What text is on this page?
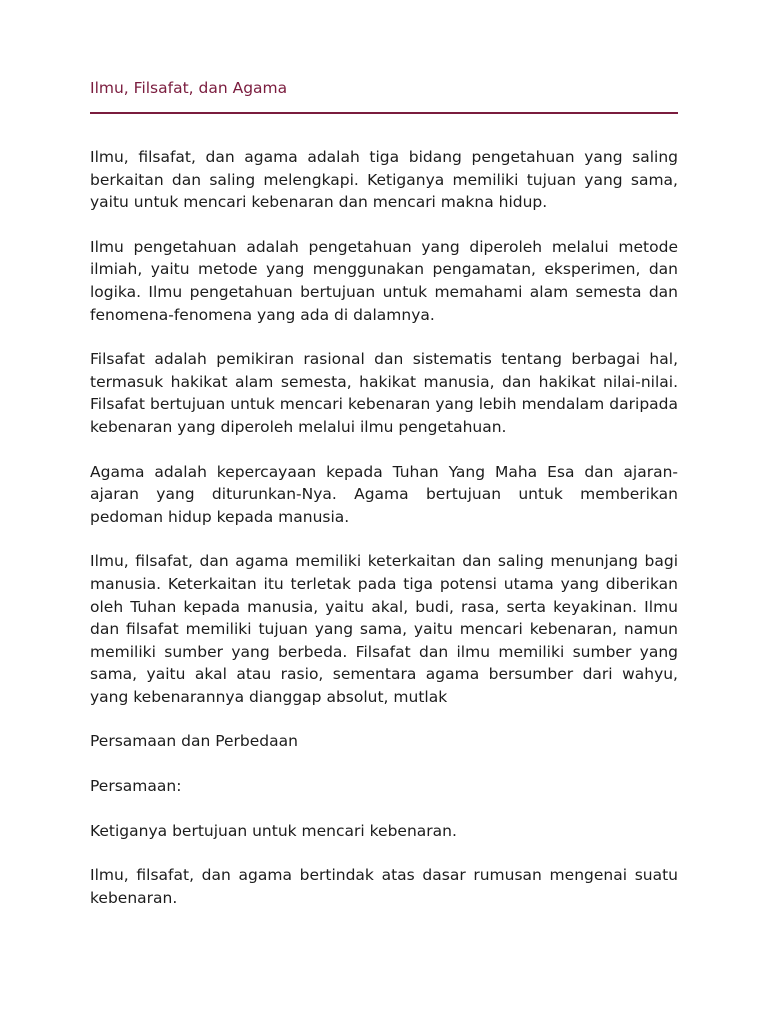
Ilmu, Filsafat, dan Agama

Ilmu, filsafat, dan agama adalah tiga bidang pengetahuan yang saling berkaitan dan saling melengkapi. Ketiganya memiliki tujuan yang sama, yaitu untuk mencari kebenaran dan mencari makna hidup.

Ilmu pengetahuan adalah pengetahuan yang diperoleh melalui metode ilmiah, yaitu metode yang menggunakan pengamatan, eksperimen, dan logika. Ilmu pengetahuan bertujuan untuk memahami alam semesta dan fenomena-fenomena yang ada di dalamnya.

Filsafat adalah pemikiran rasional dan sistematis tentang berbagai hal, termasuk hakikat alam semesta, hakikat manusia, dan hakikat nilai-nilai. Filsafat bertujuan untuk mencari kebenaran yang lebih mendalam daripada kebenaran yang diperoleh melalui ilmu pengetahuan.

Agama adalah kepercayaan kepada Tuhan Yang Maha Esa dan ajaran-ajaran yang diturunkan-Nya. Agama bertujuan untuk memberikan pedoman hidup kepada manusia.

Ilmu, filsafat, dan agama memiliki keterkaitan dan saling menunjang bagi manusia. Keterkaitan itu terletak pada tiga potensi utama yang diberikan oleh Tuhan kepada manusia, yaitu akal, budi, rasa, serta keyakinan. Ilmu dan filsafat memiliki tujuan yang sama, yaitu mencari kebenaran, namun memiliki sumber yang berbeda. Filsafat dan ilmu memiliki sumber yang sama, yaitu akal atau rasio, sementara agama bersumber dari wahyu, yang kebenarannya dianggap absolut, mutlak

Persamaan dan Perbedaan

Persamaan:

Ketiganya bertujuan untuk mencari kebenaran.

Ilmu, filsafat, dan agama bertindak atas dasar rumusan mengenai suatu kebenaran.
